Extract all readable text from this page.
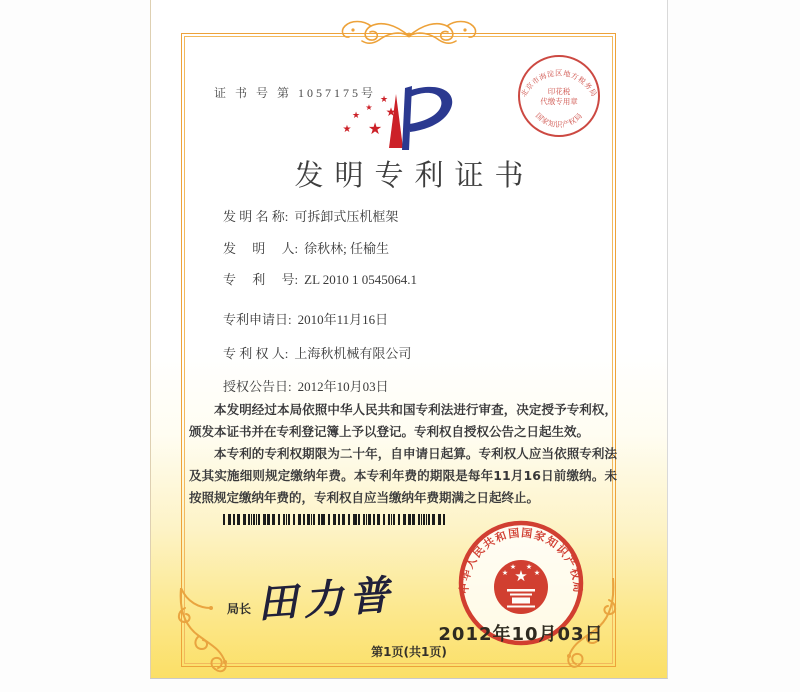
证 书 号 第 1057175号 ★
★ ★
★
★
★
北京市海淀区地方税务局
国家知识产权局
印花税
代缴专用章
发明专利证书
发 明 名 称: 可拆卸式压机框架
发　 明　 人: 徐秋林; 任榆生
专　 利　 号: ZL 2010 1 0545064.1
专利申请日: 2010年11月16日
专 利 权 人: 上海秋机械有限公司
授权公告日: 2012年10月03日

本发明经过本局依照中华人民共和国专利法进行审查，决定授予专利权，颁发本证书并在专利登记簿上予以登记。专利权自授权公告之日起生效。

本专利的专利权期限为二十年，自申请日起算。专利权人应当依照专利法及其实施细则规定缴纳年费。本专利年费的期限是每年11月16日前缴纳。未按照规定缴纳年费的，专利权自应当缴纳年费期满之日起终止。

局长 田力普	中华人民共和国国家知识产权局
★
★
★ ★
★
2012年10月03日
第1页(共1页)
